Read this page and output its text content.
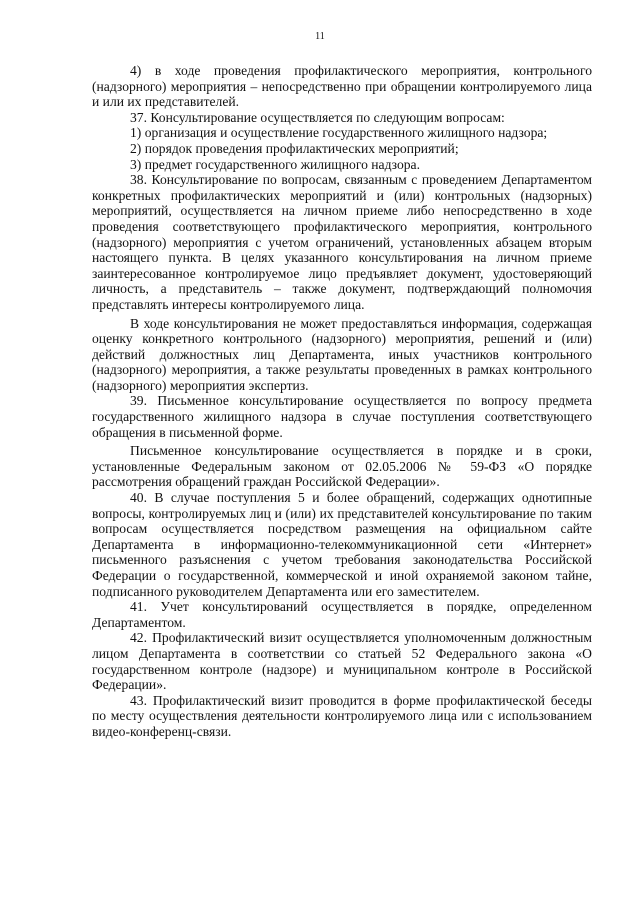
11

4) в ходе проведения профилактического мероприятия, контрольного (надзорного) мероприятия – непосредственно при обращении контролируемого лица и или их представителей.

37. Консультирование осуществляется по следующим вопросам:

1) организация и осуществление государственного жилищного надзора;

2) порядок проведения профилактических мероприятий;

3) предмет государственного жилищного надзора.

38. Консультирование по вопросам, связанным с проведением Департаментом конкретных профилактических мероприятий и (или) контрольных (надзорных) мероприятий, осуществляется на личном приеме либо непосредственно в ходе проведения соответствующего профилактического мероприятия, контрольного (надзорного) мероприятия с учетом ограничений, установленных абзацем вторым настоящего пункта. В целях указанного консультирования на личном приеме заинтересованное контролируемое лицо предъявляет документ, удостоверяющий личность, а представитель – также документ, подтверждающий полномочия представлять интересы контролируемого лица.

В ходе консультирования не может предоставляться информация, содержащая оценку конкретного контрольного (надзорного) мероприятия, решений и (или) действий должностных лиц Департамента, иных участников контрольного (надзорного) мероприятия, а также результаты проведенных в рамках контрольного (надзорного) мероприятия экспертиз.

39. Письменное консультирование осуществляется по вопросу предмета государственного жилищного надзора в случае поступления соответствующего обращения в письменной форме.

Письменное консультирование осуществляется в порядке и в сроки, установленные Федеральным законом от 02.05.2006 № 59-ФЗ «О порядке рассмотрения обращений граждан Российской Федерации».

40. В случае поступления 5 и более обращений, содержащих однотипные вопросы, контролируемых лиц и (или) их представителей консультирование по таким вопросам осуществляется посредством размещения на официальном сайте Департамента в информационно-телекоммуникационной сети «Интернет» письменного разъяснения с учетом требования законодательства Российской Федерации о государственной, коммерческой и иной охраняемой законом тайне, подписанного руководителем Департамента или его заместителем.

41. Учет консультирований осуществляется в порядке, определенном Департаментом.

42. Профилактический визит осуществляется уполномоченным должностным лицом Департамента в соответствии со статьей 52 Федерального закона «О государственном контроле (надзоре) и муниципальном контроле в Российской Федерации».

43. Профилактический визит проводится в форме профилактической беседы по месту осуществления деятельности контролируемого лица или с использованием видео-конференц-связи.
